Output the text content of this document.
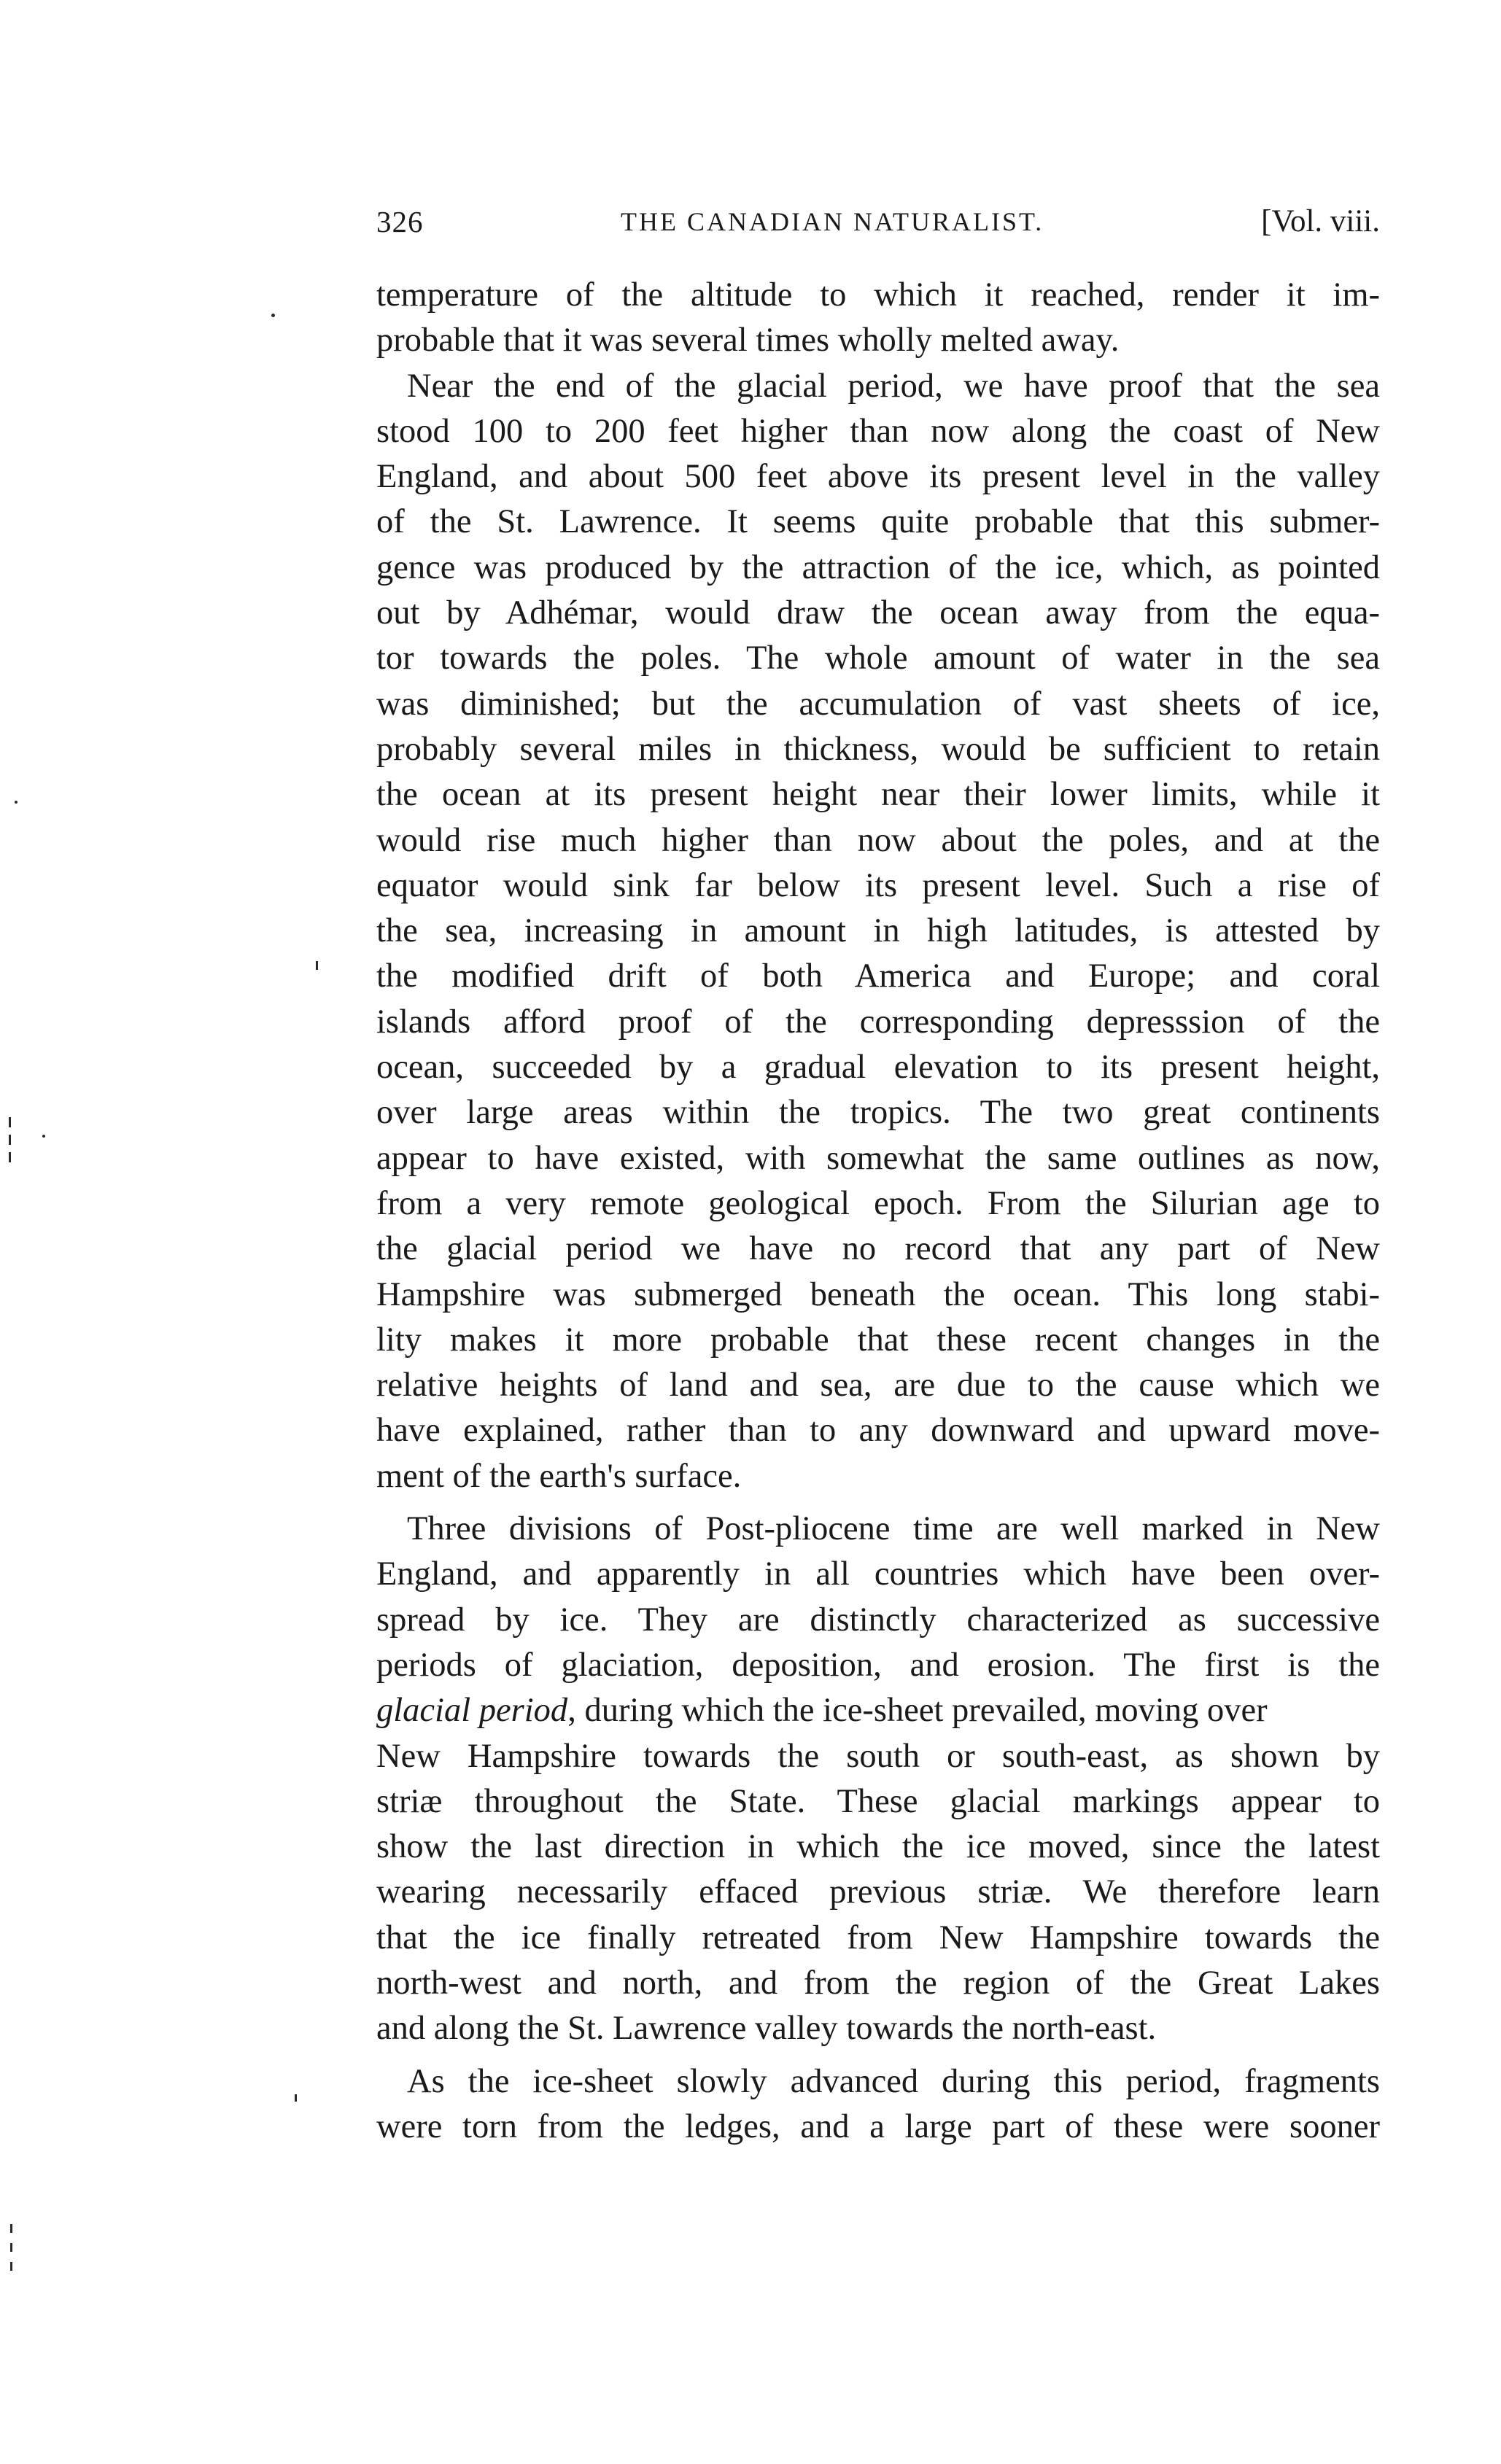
326	THE CANADIAN NATURALIST.	[Vol. viii.
temperature of the altitude to which it reached, render it im-
probable that it was several times wholly melted away.
Near the end of the glacial period, we have proof that the sea
stood 100 to 200 feet higher than now along the coast of New
England, and about 500 feet above its present level in the valley
of the St. Lawrence. It seems quite probable that this submer-
gence was produced by the attraction of the ice, which, as pointed
out by Adhémar, would draw the ocean away from the equa-
tor towards the poles. The whole amount of water in the sea
was diminished; but the accumulation of vast sheets of ice,
probably several miles in thickness, would be sufficient to retain
the ocean at its present height near their lower limits, while it
would rise much higher than now about the poles, and at the
equator would sink far below its present level. Such a rise of
the sea, increasing in amount in high latitudes, is attested by
the modified drift of both America and Europe; and coral
islands afford proof of the corresponding depresssion of the
ocean, succeeded by a gradual elevation to its present height,
over large areas within the tropics. The two great continents
appear to have existed, with somewhat the same outlines as now,
from a very remote geological epoch. From the Silurian age to
the glacial period we have no record that any part of New
Hampshire was submerged beneath the ocean. This long stabi-
lity makes it more probable that these recent changes in the
relative heights of land and sea, are due to the cause which we
have explained, rather than to any downward and upward move-
ment of the earth's surface.
Three divisions of Post-pliocene time are well marked in New
England, and apparently in all countries which have been over-
spread by ice. They are distinctly characterized as successive
periods of glaciation, deposition, and erosion. The first is the
glacial period, during which the ice-sheet prevailed, moving over
New Hampshire towards the south or south-east, as shown by
striæ throughout the State. These glacial markings appear to
show the last direction in which the ice moved, since the latest
wearing necessarily effaced previous striæ. We therefore learn
that the ice finally retreated from New Hampshire towards the
north-west and north, and from the region of the Great Lakes
and along the St. Lawrence valley towards the north-east.
As the ice-sheet slowly advanced during this period, fragments
were torn from the ledges, and a large part of these were sooner
